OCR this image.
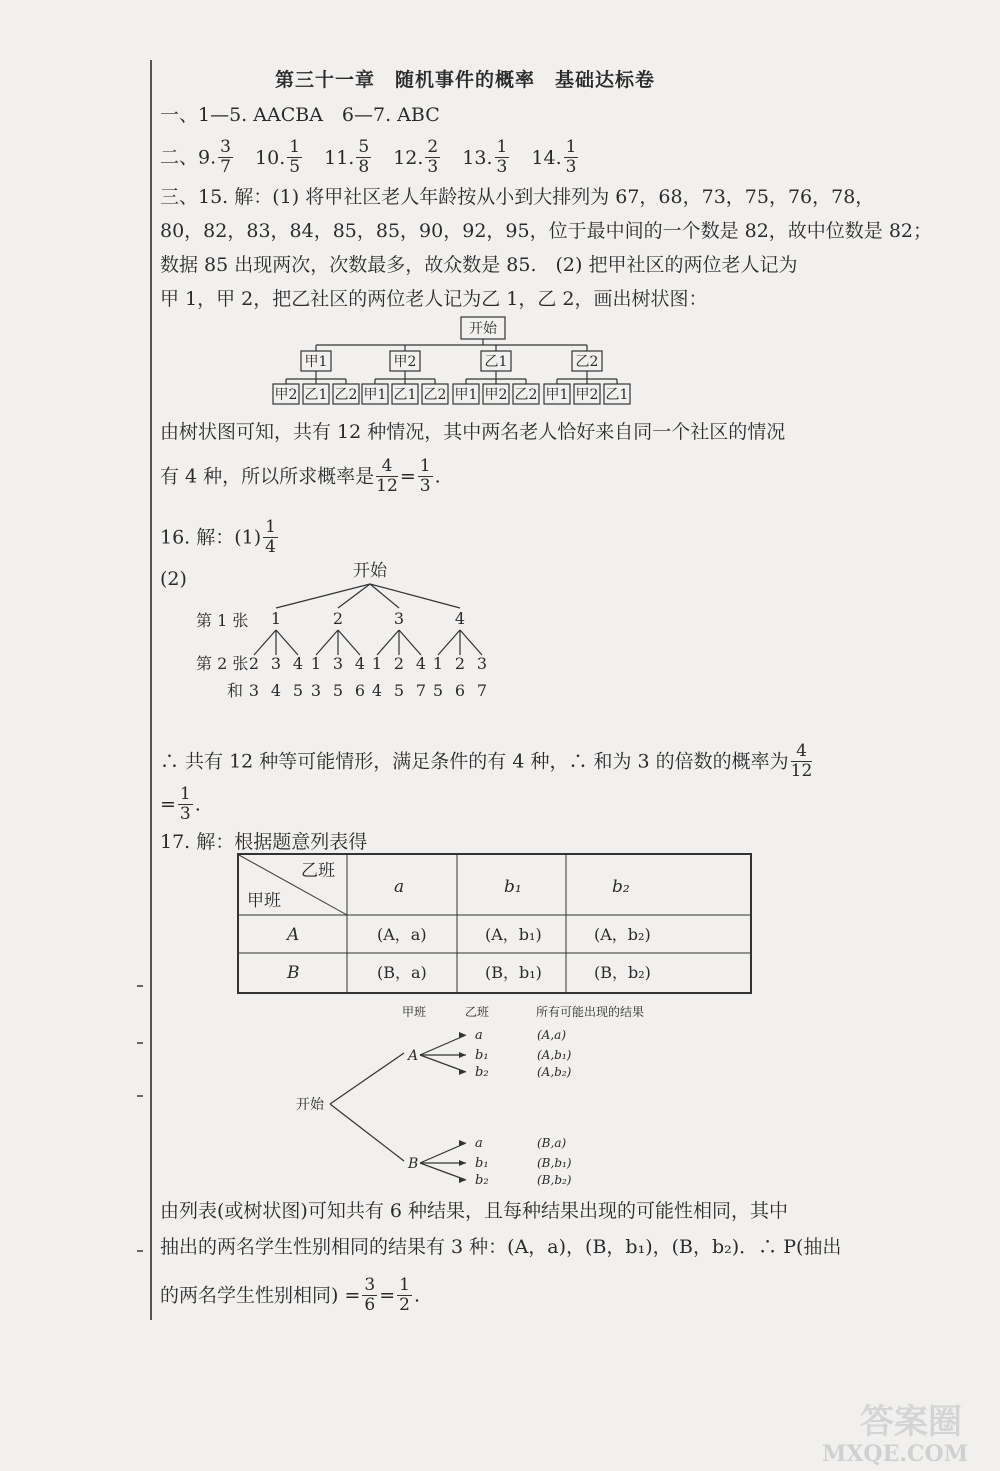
第三十一章　随机事件的概率　基础达标卷
一、1—5. AACBA　6—7. ABC
二、9. $\frac{3}{7} 10$. $\frac{1}{5} 11$. $\frac{5}{8} 12$. $\frac{2}{3} 13$. $\frac{1}{3} 14$. $\frac{1}{3}$
三、15. 解：(1) 将甲社区老人年龄按从小到大排列为 67，68，73，75，76，78，
80，82，83，84，85，85，90，92，95，位于最中间的一个数是 82，故中位数是 82；
数据 85 出现两次，次数最多，故众数是 85.　(2) 把甲社区的两位老人记为
甲 1，甲 2，把乙社区的两位老人记为乙 1，乙 2，画出树状图：
开始
甲1
甲2 乙1 乙2
甲2
甲1 乙1 乙2
乙1
甲1 甲2 乙2
乙2
甲1 甲2 乙1
开始
第 1 张
第 2 张
和
1
2
3
3
4
4
5
2
1
3
3
5
4
6
3
1
4
2
5
4
7
4
1
5
2
6
3
7
甲班	乙班	所有可能出现的结果
开始
A
a	(A,a)
b₁	(A,b₁)
b₂	(A,b₂)
B
a	(B,a)
b₁	(B,b₁)
b₂	(B,b₂)
由树状图可知，共有 12 种情况，其中两名老人恰好来自同一个社区的情况
有 4 种，所以所求概率是 $\frac{4}{12} = \frac{1}{3}$ .
16. 解：$(1) \frac{1}{4}$
(2)
∴ 共有 12 种等可能情形，满足条件的有 4 种，∴ 和为 3 的倍数的概率为 $\frac{4}{12}$
= $\frac{1}{3}$ .
17. 解：根据题意列表得
乙班
甲班
a	b₁	b₂
A	(A，a)	(A，b₁)	(A，b₂)
B	(B，a)	(B，b₁)	(B，b₂)
由列表(或树状图)可知共有 6 种结果，且每种结果出现的可能性相同，其中
抽出的两名学生性别相同的结果有 3 种：(A，a)，(B，b₁)，(B，b₂)．∴ P(抽出
的两名学生性别相同) = $\frac{3}{6} = \frac{1}{2}$ .
答案圈
MXQE.COM
